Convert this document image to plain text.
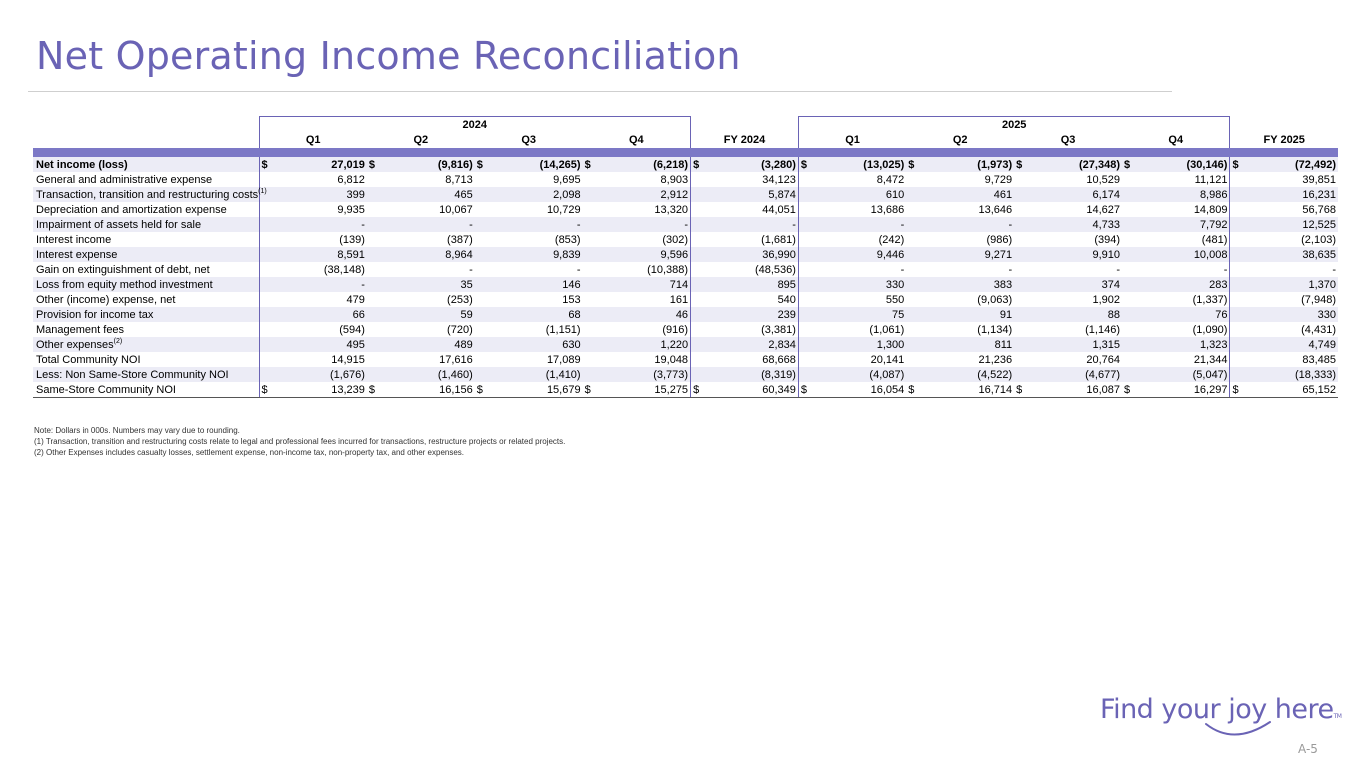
Net Operating Income Reconciliation
	2024										2025									
	Q1		Q2		Q3		Q4		FY 2024		Q1		Q2		Q3		Q4		FY 2025	

Net income (loss)	$	27,019	$	(9,816)	$	(14,265)	$	(6,218)	$	(3,280)	$	(13,025)	$	(1,973)	$	(27,348)	$	(30,146)	$	(72,492)
General and administrative expense		6,812		8,713		9,695		8,903		34,123		8,472		9,729		10,529		11,121		39,851
Transaction, transition and restructuring costs$^{(1)}$		399		465		2,098		2,912		5,874		610		461		6,174		8,986		16,231
Depreciation and amortization expense		9,935		10,067		10,729		13,320		44,051		13,686		13,646		14,627		14,809		56,768
Impairment of assets held for sale		-		-		-		-		-		-		-		4,733		7,792		12,525
Interest income		(139)		(387)		(853)		(302)		(1,681)		(242)		(986)		(394)		(481)		(2,103)
Interest expense		8,591		8,964		9,839		9,596		36,990		9,446		9,271		9,910		10,008		38,635
Gain on extinguishment of debt, net		(38,148)		-		-		(10,388)		(48,536)		-		-		-		-		-
Loss from equity method investment		-		35		146		714		895		330		383		374		283		1,370
Other (income) expense, net		479		(253)		153		161		540		550		(9,063)		1,902		(1,337)		(7,948)
Provision for income tax		66		59		68		46		239		75		91		88		76		330
Management fees		(594)		(720)		(1,151)		(916)		(3,381)		(1,061)		(1,134)		(1,146)		(1,090)		(4,431)
Other expenses$^{(2)}$		495		489		630		1,220		2,834		1,300		811		1,315		1,323		4,749
Total Community NOI		14,915		17,616		17,089		19,048		68,668		20,141		21,236		20,764		21,344		83,485
Less: Non Same-Store Community NOI		(1,676)		(1,460)		(1,410)		(3,773)		(8,319)		(4,087)		(4,522)		(4,677)		(5,047)		(18,333)
Same-Store Community NOI	$	13,239	$	16,156	$	15,679	$	15,275	$	60,349	$	16,054	$	16,714	$	16,087	$	16,297	$	65,152
Note: Dollars in 000s. Numbers may vary due to rounding.
(1) Transaction, transition and restructuring costs relate to legal and professional fees incurred for transactions, restructure projects or related projects.
(2) Other Expenses includes casualty losses, settlement expense, non-income tax, non-property tax, and other expenses.
Find your joy hereTM
A-5
